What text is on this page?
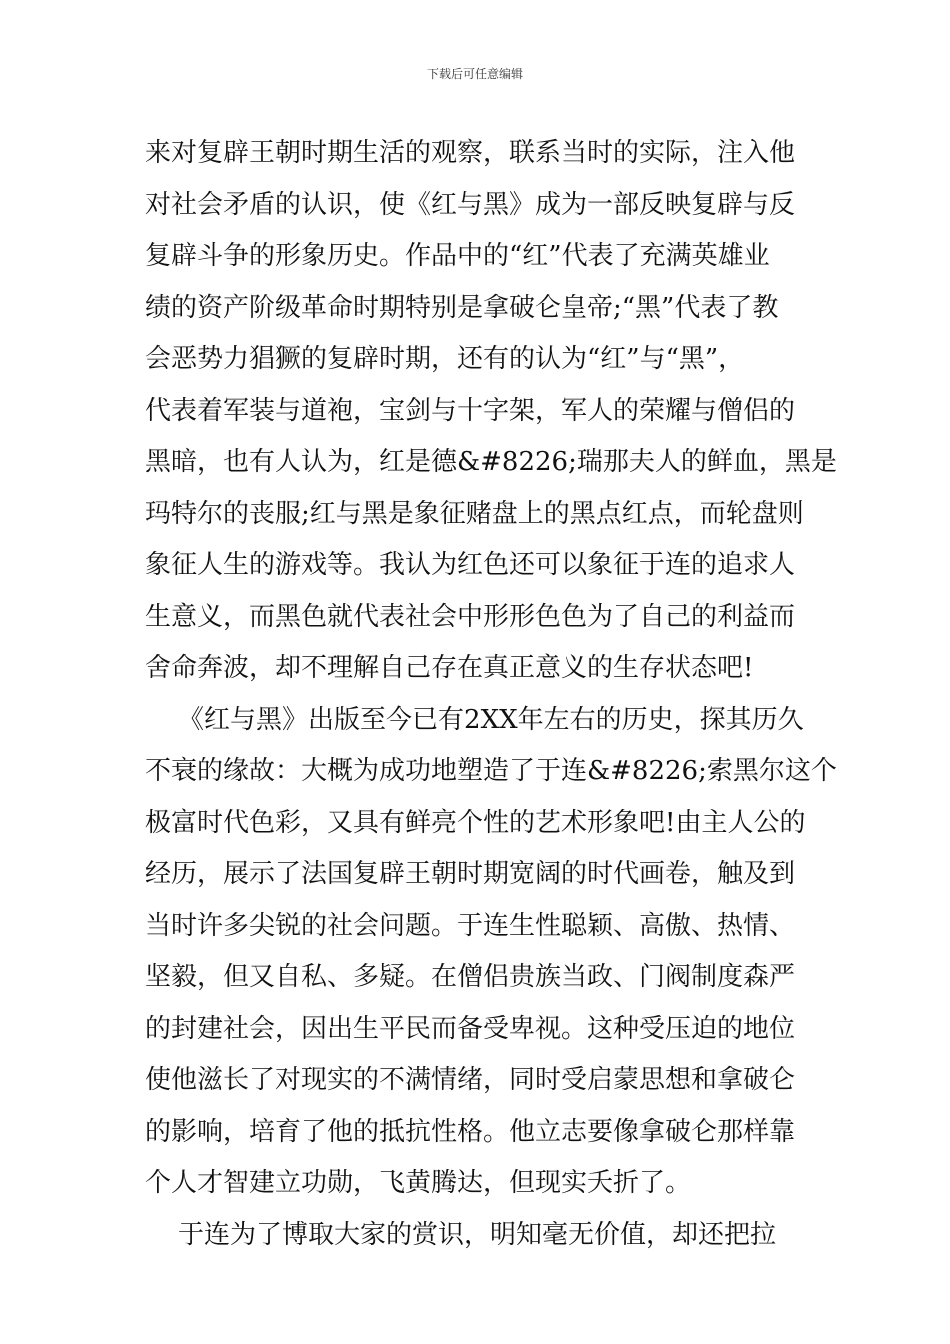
下载后可任意编辑
来对复辟王朝时期生活的观察，联系当时的实际，注入他
对社会矛盾的认识，使《红与黑》成为一部反映复辟与反
复辟斗争的形象历史。作品中的“红”代表了充满英雄业
绩的资产阶级革命时期特别是拿破仑皇帝;“黑”代表了教
会恶势力猖獗的复辟时期，还有的认为“红”与“黑”，
代表着军装与道袍，宝剑与十字架，军人的荣耀与僧侣的
黑暗，也有人认为，红是德&#8226;瑞那夫人的鲜血，黑是
玛特尔的丧服;红与黑是象征赌盘上的黑点红点，而轮盘则
象征人生的游戏等。我认为红色还可以象征于连的追求人
生意义，而黑色就代表社会中形形色色为了自己的利益而
舍命奔波，却不理解自己存在真正意义的生存状态吧!
《红与黑》出版至今已有2XX年左右的历史，探其历久
不衰的缘故：大概为成功地塑造了于连&#8226;索黑尔这个
极富时代色彩，又具有鲜亮个性的艺术形象吧!由主人公的
经历，展示了法国复辟王朝时期宽阔的时代画卷，触及到
当时许多尖锐的社会问题。于连生性聪颖、高傲、热情、
坚毅，但又自私、多疑。在僧侣贵族当政、门阀制度森严
的封建社会，因出生平民而备受卑视。这种受压迫的地位
使他滋长了对现实的不满情绪，同时受启蒙思想和拿破仑
的影响，培育了他的抵抗性格。他立志要像拿破仑那样靠
个人才智建立功勋，飞黄腾达，但现实夭折了。
于连为了博取大家的赏识，明知毫无价值，却还把拉
